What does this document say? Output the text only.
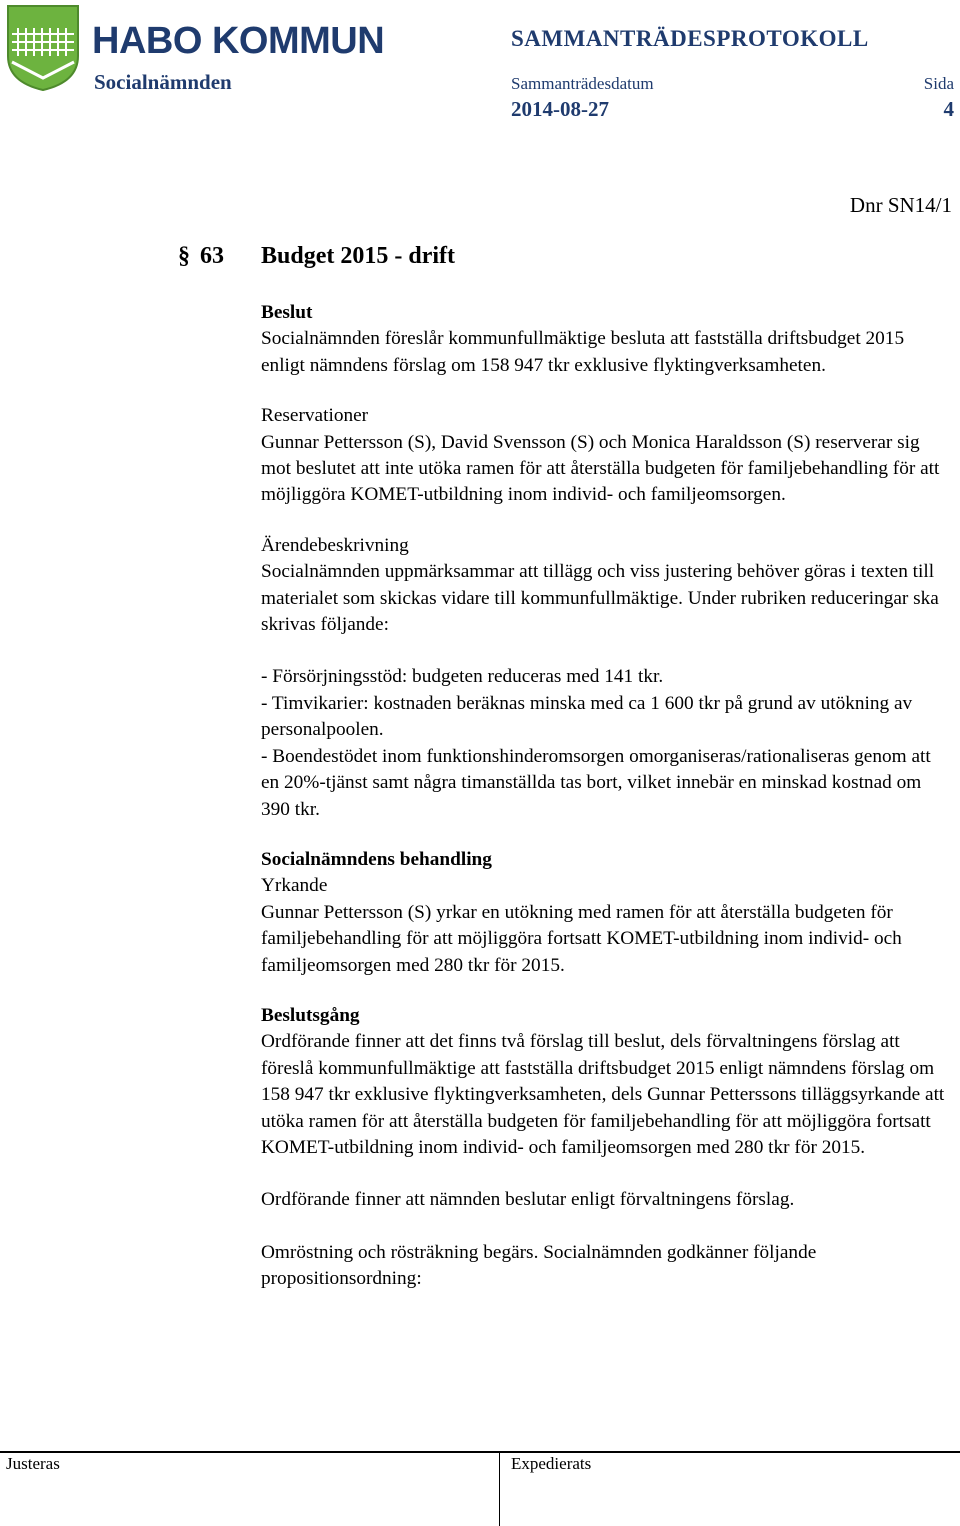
HABO KOMMUN	SAMMANTRÄDESPROTOKOLL
Socialnämnden	Sammanträdesdatum	Sida
2014-08-27	4
Dnr SN14/1
§ 63 Budget 2015 - drift
Beslut

Socialnämnden föreslår kommunfullmäktige besluta att fastställa driftsbudget 2015 enligt nämndens förslag om 158 947 tkr exklusive flyktingverksamheten.

Reservationer

Gunnar Pettersson (S), David Svensson (S) och Monica Haraldsson (S) reserverar sig mot beslutet att inte utöka ramen för att återställa budgeten för familjebehandling för att möjliggöra KOMET-utbildning inom individ- och familjeomsorgen.

Ärendebeskrivning

Socialnämnden uppmärksammar att tillägg och viss justering behöver göras i texten till materialet som skickas vidare till kommunfullmäktige. Under rubriken reduceringar ska skrivas följande:

- Försörjningsstöd: budgeten reduceras med 141 tkr.

- Timvikarier: kostnaden beräknas minska med ca 1 600 tkr på grund av utökning av personalpoolen.

- Boendestödet inom funktionshinderomsorgen omorganiseras/rationaliseras genom att en 20%-tjänst samt några timanställda tas bort, vilket innebär en minskad kostnad om 390 tkr.

Socialnämndens behandling

Yrkande

Gunnar Pettersson (S) yrkar en utökning med ramen för att återställa budgeten för familjebehandling för att möjliggöra fortsatt KOMET-utbildning inom individ- och familjeomsorgen med 280 tkr för 2015.

Beslutsgång

Ordförande finner att det finns två förslag till beslut, dels förvaltningens förslag att föreslå kommunfullmäktige att fastställa driftsbudget 2015 enligt nämndens förslag om 158 947 tkr exklusive flyktingverksamheten, dels Gunnar Petterssons tilläggsyrkande att utöka ramen för att återställa budgeten för familjebehandling för att möjliggöra fortsatt KOMET-utbildning inom individ- och familjeomsorgen med 280 tkr för 2015.

Ordförande finner att nämnden beslutar enligt förvaltningens förslag.

Omröstning och rösträkning begärs. Socialnämnden godkänner följande propositionsordning:

Justeras	Expedierats
